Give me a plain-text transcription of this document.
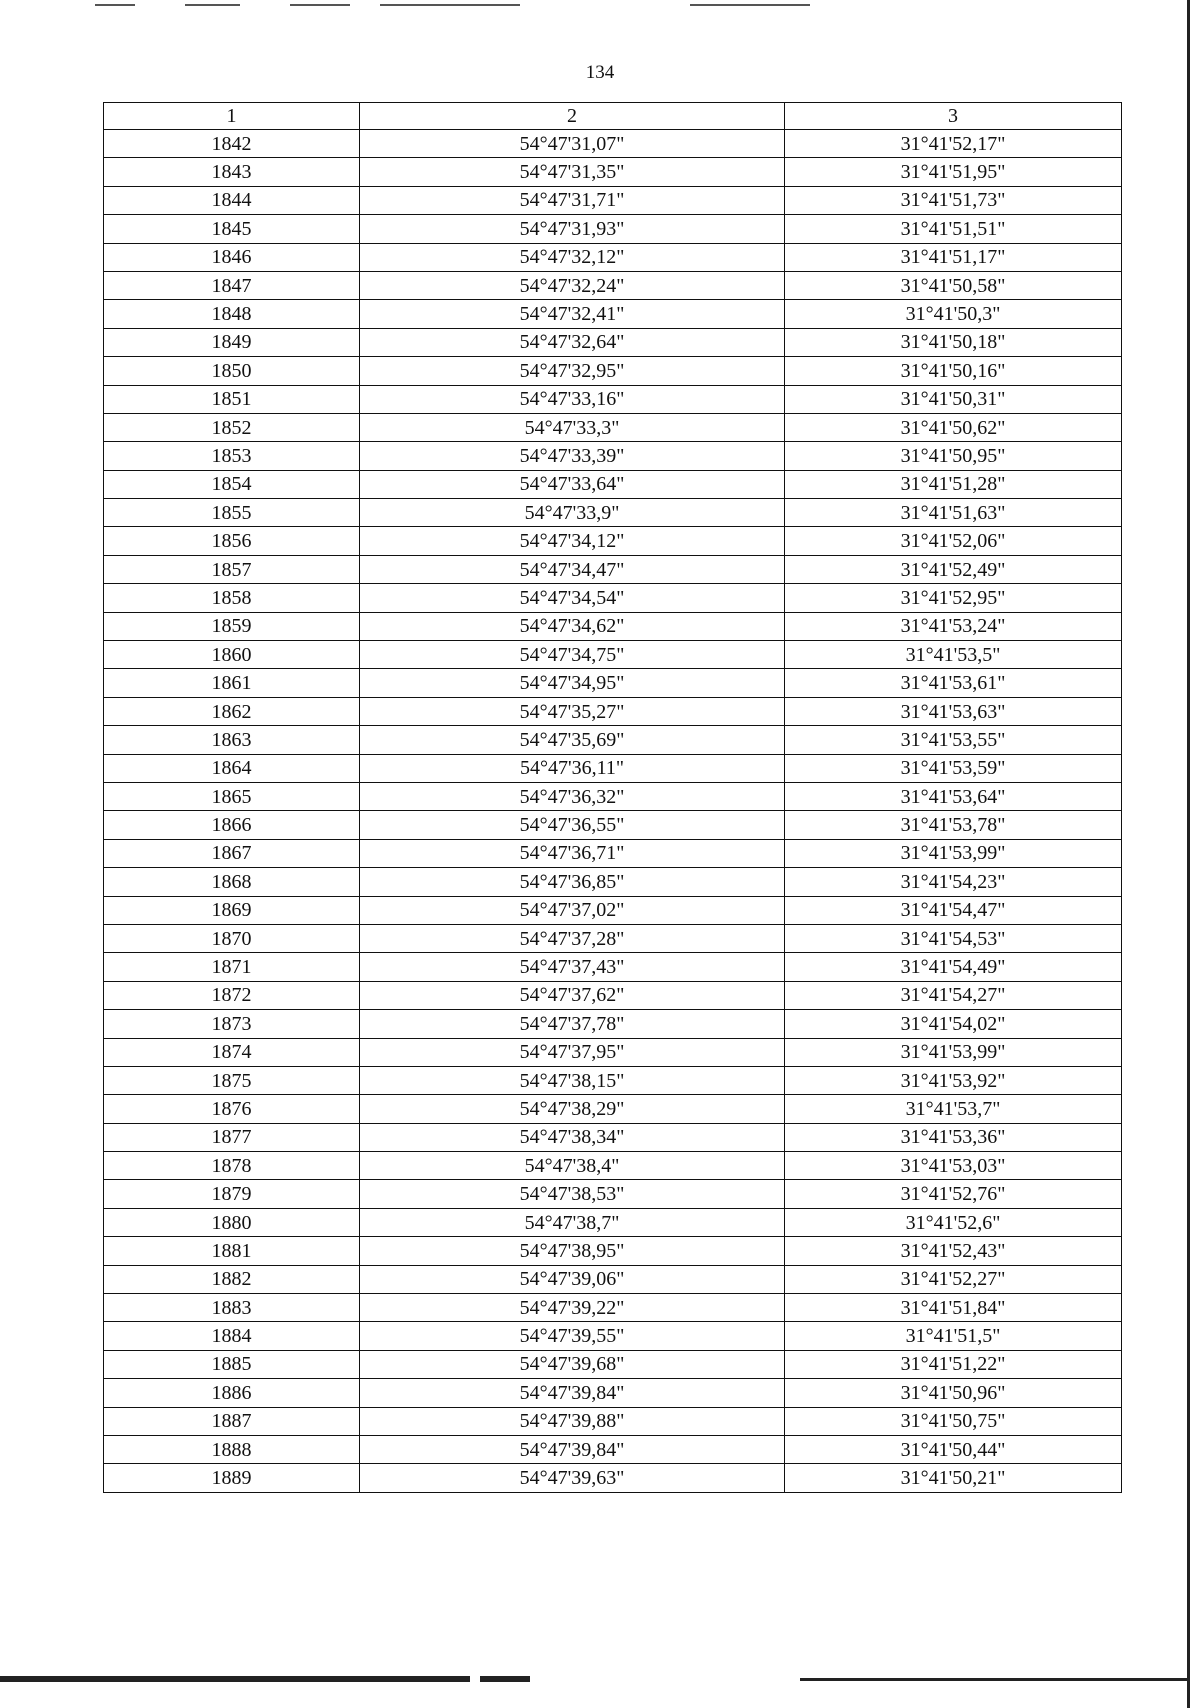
134
1	2	3
1842	54°47'31,07"	31°41'52,17"
1843	54°47'31,35"	31°41'51,95"
1844	54°47'31,71"	31°41'51,73"
1845	54°47'31,93"	31°41'51,51"
1846	54°47'32,12"	31°41'51,17"
1847	54°47'32,24"	31°41'50,58"
1848	54°47'32,41"	31°41'50,3"
1849	54°47'32,64"	31°41'50,18"
1850	54°47'32,95"	31°41'50,16"
1851	54°47'33,16"	31°41'50,31"
1852	54°47'33,3"	31°41'50,62"
1853	54°47'33,39"	31°41'50,95"
1854	54°47'33,64"	31°41'51,28"
1855	54°47'33,9"	31°41'51,63"
1856	54°47'34,12"	31°41'52,06"
1857	54°47'34,47"	31°41'52,49"
1858	54°47'34,54"	31°41'52,95"
1859	54°47'34,62"	31°41'53,24"
1860	54°47'34,75"	31°41'53,5"
1861	54°47'34,95"	31°41'53,61"
1862	54°47'35,27"	31°41'53,63"
1863	54°47'35,69"	31°41'53,55"
1864	54°47'36,11"	31°41'53,59"
1865	54°47'36,32"	31°41'53,64"
1866	54°47'36,55"	31°41'53,78"
1867	54°47'36,71"	31°41'53,99"
1868	54°47'36,85"	31°41'54,23"
1869	54°47'37,02"	31°41'54,47"
1870	54°47'37,28"	31°41'54,53"
1871	54°47'37,43"	31°41'54,49"
1872	54°47'37,62"	31°41'54,27"
1873	54°47'37,78"	31°41'54,02"
1874	54°47'37,95"	31°41'53,99"
1875	54°47'38,15"	31°41'53,92"
1876	54°47'38,29"	31°41'53,7"
1877	54°47'38,34"	31°41'53,36"
1878	54°47'38,4"	31°41'53,03"
1879	54°47'38,53"	31°41'52,76"
1880	54°47'38,7"	31°41'52,6"
1881	54°47'38,95"	31°41'52,43"
1882	54°47'39,06"	31°41'52,27"
1883	54°47'39,22"	31°41'51,84"
1884	54°47'39,55"	31°41'51,5"
1885	54°47'39,68"	31°41'51,22"
1886	54°47'39,84"	31°41'50,96"
1887	54°47'39,88"	31°41'50,75"
1888	54°47'39,84"	31°41'50,44"
1889	54°47'39,63"	31°41'50,21"
